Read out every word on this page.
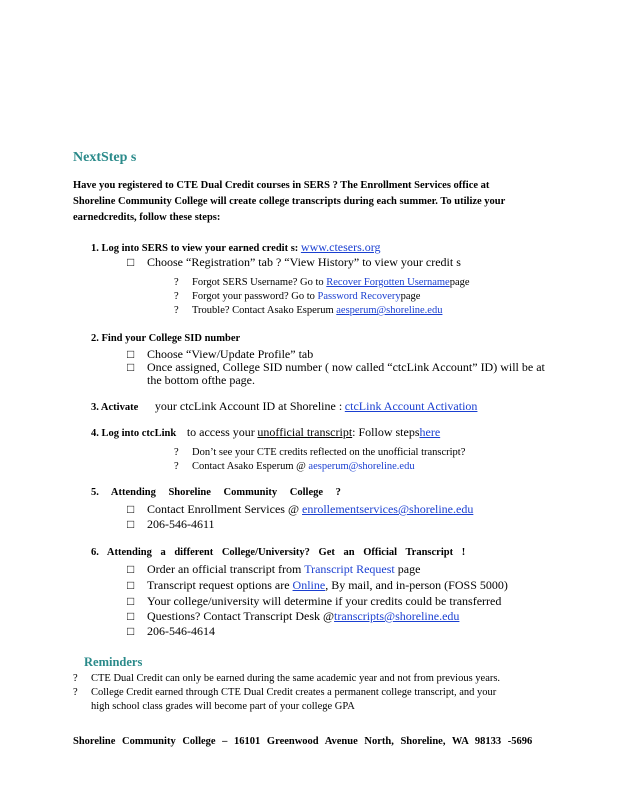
NextStep s
Have you registered to CTE Dual Credit courses in SERS ? The Enrollment Services office at Shoreline Community College will create college transcripts during each summer. To utilize your earnedcredits, follow these steps:
1. Log into SERS to view your earned credit s: www.ctesers.org
□ Choose “Registration” tab ? “View History” to view your credit s
? Forgot SERS Username? Go to Recover Forgotten Usernamepage
? Forgot your password? Go to Password Recoverypage
? Trouble? Contact Asako Esperum aesperum@shoreline.edu
2. Find your College SID number
□ Choose “View/Update Profile” tab
□ Once assigned, College SID number ( now called “ctcLink Account” ID) will be at
the bottom ofthe page.
3. Activate your ctcLink Account ID at Shoreline : ctcLink Account Activation
4. Log into ctcLink to access your unofficial transcript: Follow stepshere
? Don’t see your CTE credits reflected on the unofficial transcript?
? Contact Asako Esperum @ aesperum@shoreline.edu
5. Attending Shoreline Community College ?
□ Contact Enrollment Services @ enrollementservices@shoreline.edu
□ 206-546-4611
6. Attending a different College/University? Get an Official Transcript !
□ Order an official transcript from Transcript Request page
□ Transcript request options are Online, By mail, and in-person (FOSS 5000)
□ Your college/university will determine if your credits could be transferred
□ Questions? Contact Transcript Desk @transcripts@shoreline.edu
□ 206-546-4614
Reminders
? CTE Dual Credit can only be earned during the same academic year and not from previous years.
? College Credit earned through CTE Dual Credit creates a permanent college transcript, and your
high school class grades will become part of your college GPA
Shoreline Community College – 16101 Greenwood Avenue North, Shoreline, WA 98133 -5696
